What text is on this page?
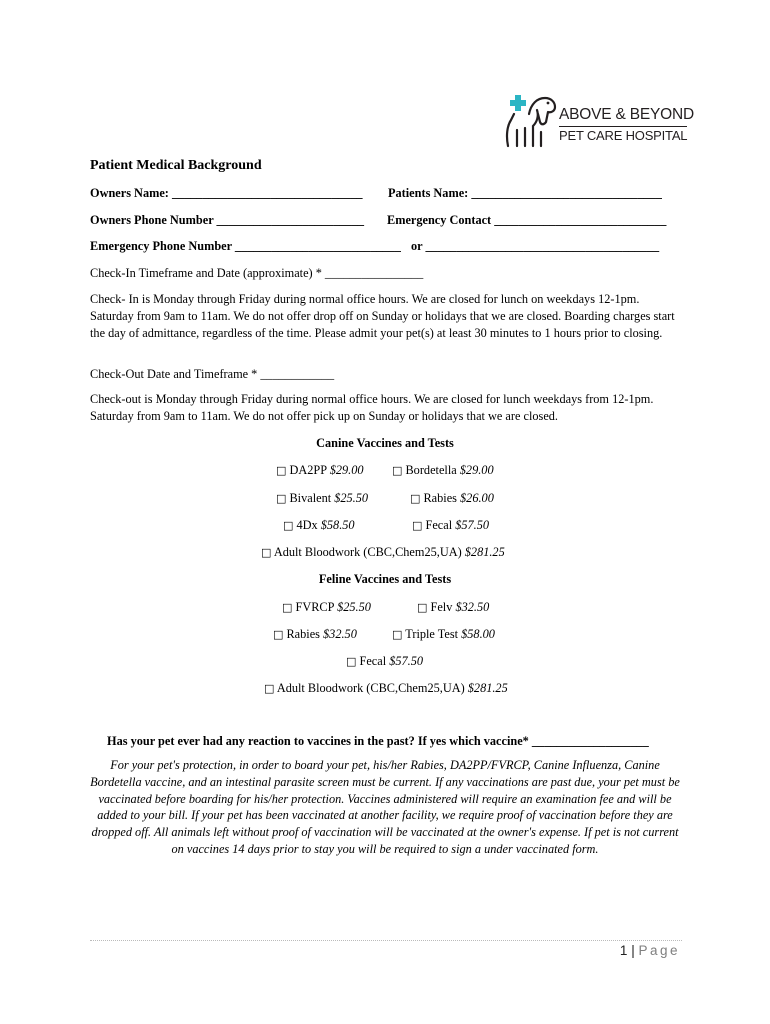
ABOVE & BEYOND
PET CARE HOSPITAL
Patient Medical Background
Owners Name: _______________________________ Patients Name: _______________________________
Owners Phone Number ________________________ Emergency Contact ____________________________
Emergency Phone Number ___________________________ or ______________________________________
Check-In Timeframe and Date (approximate) * ________________
Check- In is Monday through Friday during normal office hours. We are closed for lunch on weekdays 12-1pm. Saturday from 9am to 11am. We do not offer drop off on Sunday or holidays that we are closed. Boarding charges start the day of admittance, regardless of the time. Please admit your pet(s) at least 30 minutes to 1 hours prior to closing.
Check-Out Date and Timeframe * ____________
Check-out is Monday through Friday during normal office hours. We are closed for lunch weekdays from 12-1pm. Saturday from 9am to 11am. We do not offer pick up on Sunday or holidays that we are closed.
Canine Vaccines and Tests
□ DA2PP $29.00	□ Bordetella $29.00
□ Bivalent $25.50	□ Rabies $26.00
□ 4Dx $58.50	□ Fecal $57.50
□ Adult Bloodwork (CBC,Chem25,UA) $281.25
Feline Vaccines and Tests
□ FVRCP $25.50	□ Felv $32.50
□ Rabies $32.50	□ Triple Test $58.00
□ Fecal $57.50
□ Adult Bloodwork (CBC,Chem25,UA) $281.25
Has your pet ever had any reaction to vaccines in the past? If yes which vaccine* ___________________
For your pet's protection, in order to board your pet, his/her Rabies, DA2PP/FVRCP, Canine Influenza, Canine Bordetella vaccine, and an intestinal parasite screen must be current. If any vaccinations are past due, your pet must be vaccinated before boarding for his/her protection. Vaccines administered will require an examination fee and will be added to your bill. If your pet has been vaccinated at another facility, we require proof of vaccination before they are dropped off. All animals left without proof of vaccination will be vaccinated at the owner's expense. If pet is not current on vaccines 14 days prior to stay you will be required to sign a under vaccinated form.
1 | Page
